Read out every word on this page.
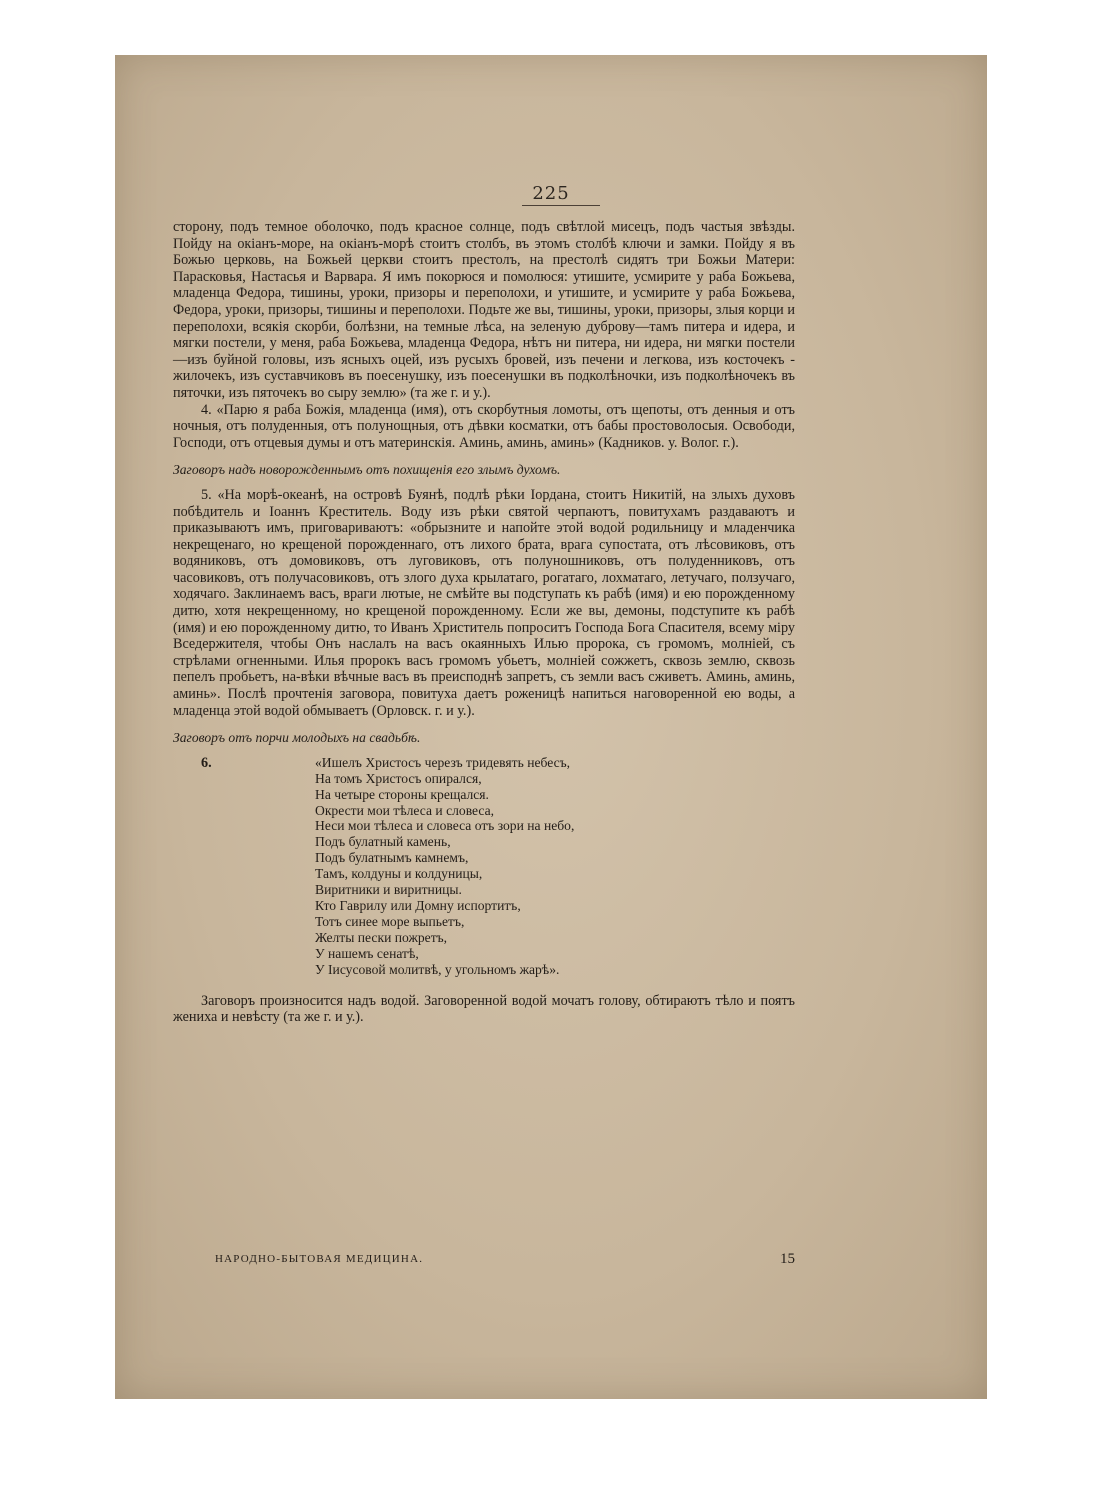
225

сторону, подъ темное оболочко, подъ красное солнце, подъ свѣтлой мисецъ, подъ частыя звѣзды. Пойду на окіанъ-море, на окіанъ-морѣ стоитъ столбъ, въ этомъ столбѣ ключи и замки. Пойду я въ Божью церковь, на Божьей церкви стоитъ престолъ, на престолѣ сидятъ три Божьи Матери: Парасковья, Настасья и Варвара. Я имъ покорюся и помолюся: утишите, усмирите у раба Божьева, младенца Федора, тишины, уроки, призоры и переполохи, и утишите, и усмирите у раба Божьева, Федора, уроки, призоры, тишины и переполохи. Подьте же вы, тишины, уроки, призоры, злыя корци и переполохи, всякія скорби, болѣзни, на темные лѣса, на зеленую дуброву—тамъ питера и идера, и мягки постели, у меня, раба Божьева, младенца Федора, нѣтъ ни питера, ни идера, ни мягки постели—изъ буйной головы, изъ ясныхъ оцей, изъ русыхъ бровей, изъ печени и легкова, изъ косточекъ - жилочекъ, изъ суставчиковъ въ поесенушку, изъ поесенушки въ подколѣночки, изъ подколѣночекъ въ пяточки, изъ пяточекъ во сыру землю» (та же г. и у.).

4. «Парю я раба Божія, младенца (имя), отъ скорбутныя ломоты, отъ щепоты, отъ денныя и отъ ночныя, отъ полуденныя, отъ полунощныя, отъ дѣвки косматки, отъ бабы простоволосыя. Освободи, Господи, отъ отцевыя думы и отъ материнскія. Аминь, аминь, аминь» (Кадников. у. Волог. г.).

Заговоръ надъ новорожденнымъ отъ похищенія его злымъ духомъ.

5. «На морѣ-океанѣ, на островѣ Буянѣ, подлѣ рѣки Іордана, стоитъ Никитій, на злыхъ духовъ побѣдитель и Іоаннъ Креститель. Воду изъ рѣки святой черпаютъ, повитухамъ раздаваютъ и приказываютъ имъ, приговариваютъ: «обрызните и напойте этой водой родильницу и младенчика некрещенаго, но крещеной порожденнаго, отъ лихого брата, врага супостата, отъ лѣсовиковъ, отъ водяниковъ, отъ домовиковъ, отъ луговиковъ, отъ полуношниковъ, отъ полуденниковъ, отъ часовиковъ, отъ получасовиковъ, отъ злого духа крылатаго, рогатаго, лохматаго, летучаго, ползучаго, ходячаго. Заклинаемъ васъ, враги лютые, не смѣйте вы подступать къ рабѣ (имя) и ею порожденному дитю, хотя некрещенному, но крещеной порожденному. Если же вы, демоны, подступите къ рабѣ (имя) и ею порожденному дитю, то Иванъ Христитель попроситъ Господа Бога Спасителя, всему міру Вседержителя, чтобы Онъ наслалъ на васъ окаянныхъ Илью пророка, съ громомъ, молніей, съ стрѣлами огненными. Илья пророкъ васъ громомъ убьетъ, молніей сожжетъ, сквозь землю, сквозь пепелъ пробьетъ, на-вѣки вѣчные васъ въ преисподнѣ запретъ, съ земли васъ сживетъ. Аминь, аминь, аминь». Послѣ прочтенія заговора, повитуха даетъ роженицѣ напиться наговоренной ею воды, а младенца этой водой обмываетъ (Орловск. г. и у.).

Заговоръ отъ порчи молодыхъ на свадьбѣ.

6.	«Ишелъ Христосъ черезъ тридевять небесъ,
На томъ Христосъ опирался,
На четыре стороны крещался.
Окрести мои тѣлеса и словеса,
Неси мои тѣлеса и словеса отъ зори на небо,
Подъ булатный камень,
Подъ булатнымъ камнемъ,
Тамъ, колдуны и колдуницы,
Виритники и виритницы.
Кто Гаврилу или Домну испортитъ,
Тотъ синее море выпьетъ,
Желты пески пожретъ,
У нашемъ сенатѣ,
У Іисусовой молитвѣ, у угольномъ жарѣ».

Заговоръ произносится надъ водой. Заговоренной водой мочатъ голову, обтираютъ тѣло и поятъ жениха и невѣсту (та же г. и у.).

НАРОДНО-БЫТОВАЯ МЕДИЦИНА.	15
